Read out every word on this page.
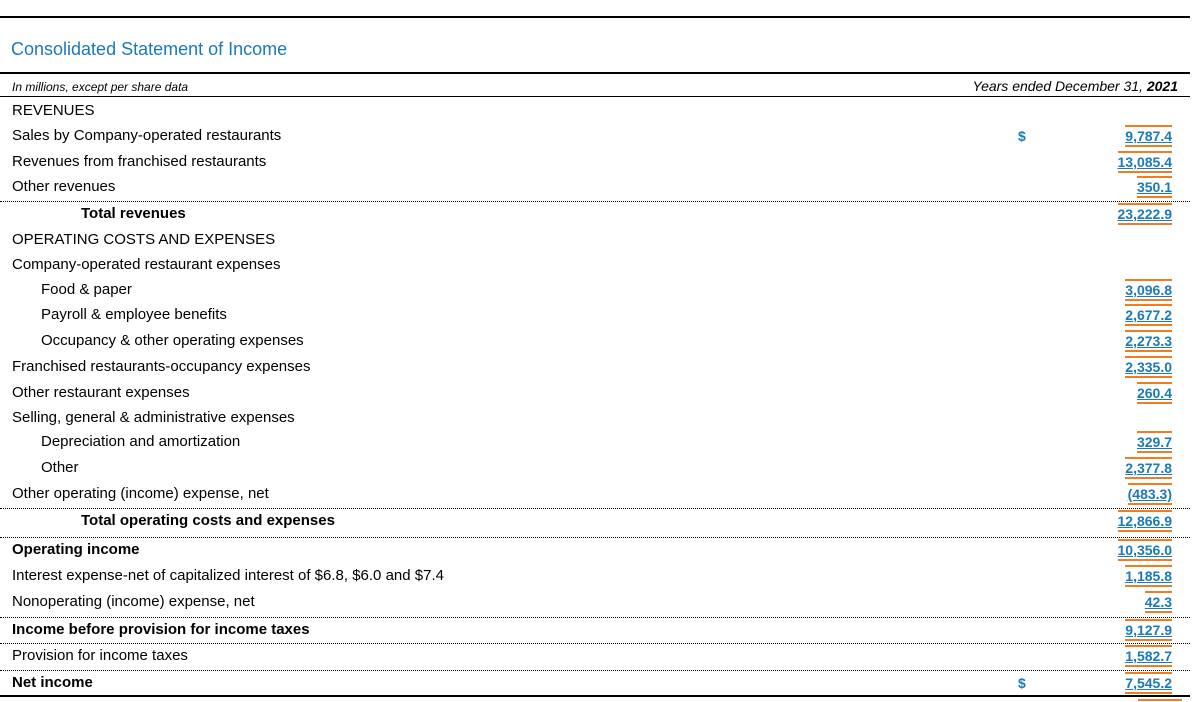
Consolidated Statement of Income
In millions, except per share data	Years ended December 31, 2021
REVENUES
Sales by Company-operated restaurants	$	9,787.4
Revenues from franchised restaurants	13,085.4
Other revenues	350.1
Total revenues	23,222.9
OPERATING COSTS AND EXPENSES
Company-operated restaurant expenses
Food & paper	3,096.8
Payroll & employee benefits	2,677.2
Occupancy & other operating expenses	2,273.3
Franchised restaurants-occupancy expenses	2,335.0
Other restaurant expenses	260.4
Selling, general & administrative expenses
Depreciation and amortization	329.7
Other	2,377.8
Other operating (income) expense, net	(483.3)
Total operating costs and expenses	12,866.9
Operating income	10,356.0
Interest expense-net of capitalized interest of $6.8, $6.0 and $7.4	1,185.8
Nonoperating (income) expense, net	42.3
Income before provision for income taxes	9,127.9
Provision for income taxes	1,582.7
Net income	$	7,545.2
